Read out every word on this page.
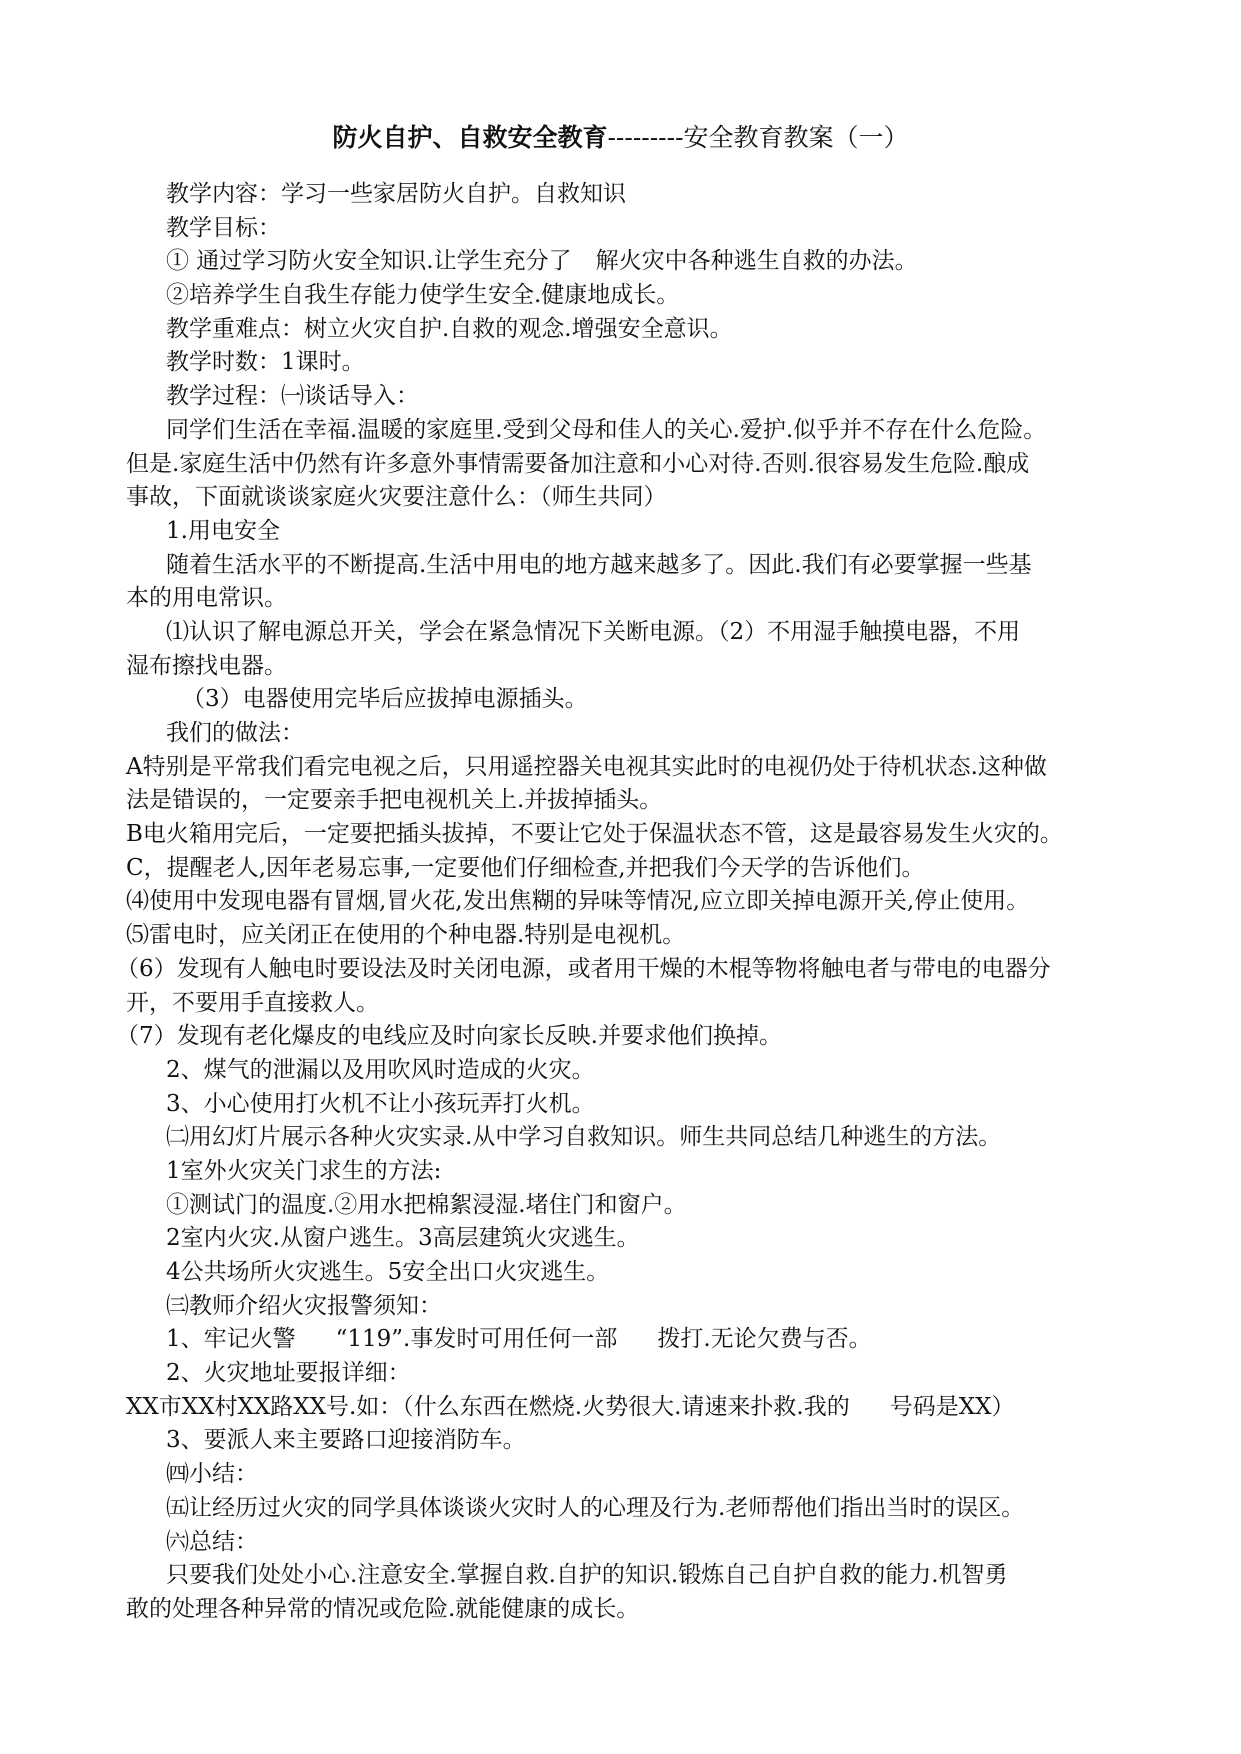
防火自护、自救安全教育---------安全教育教案（一）
教学内容：学习一些家居防火自护。自救知识
教学目标：
① 通过学习防火安全知识.让学生充分了 解火灾中各种逃生自救的办法。
②培养学生自我生存能力使学生安全.健康地成长。
教学重难点：树立火灾自护.自救的观念.增强安全意识。
教学时数：1课时。
教学过程：㈠谈话导入：
同学们生活在幸福.温暖的家庭里.受到父母和佳人的关心.爱护.似乎并不存在什么危险。
但是.家庭生活中仍然有许多意外事情需要备加注意和小心对待.否则.很容易发生危险.酿成
事故，下面就谈谈家庭火灾要注意什么：（师生共同）
1.用电安全
随着生活水平的不断提高.生活中用电的地方越来越多了。因此.我们有必要掌握一些基
本的用电常识。
⑴认识了解电源总开关，学会在紧急情况下关断电源。（2）不用湿手触摸电器，不用
湿布擦找电器。
（3）电器使用完毕后应拔掉电源插头。
我们的做法：
A特别是平常我们看完电视之后，只用遥控器关电视其实此时的电视仍处于待机状态.这种做
法是错误的，一定要亲手把电视机关上.并拔掉插头。
B电火箱用完后，一定要把插头拔掉，不要让它处于保温状态不管，这是最容易发生火灾的。
C，提醒老人,因年老易忘事,一定要他们仔细检查,并把我们今天学的告诉他们。
⑷使用中发现电器有冒烟,冒火花,发出焦糊的异味等情况,应立即关掉电源开关,停止使用。
⑸雷电时，应关闭正在使用的个种电器.特别是电视机。
（6）发现有人触电时要设法及时关闭电源，或者用干燥的木棍等物将触电者与带电的电器分
开，不要用手直接救人。
（7）发现有老化爆皮的电线应及时向家长反映.并要求他们换掉。
2、煤气的泄漏以及用吹风时造成的火灾。
3、小心使用打火机不让小孩玩弄打火机。
㈡用幻灯片展示各种火灾实录.从中学习自救知识。师生共同总结几种逃生的方法。
1室外火灾关门求生的方法:
①测试门的温度.②用水把棉絮浸湿.堵住门和窗户。
2室内火灾.从窗户逃生。3高层建筑火灾逃生。
4公共场所火灾逃生。5安全出口火灾逃生。
㈢教师介绍火灾报警须知：
1、牢记火警 “119”.事发时可用任何一部 拨打.无论欠费与否。
2、火灾地址要报详细：
XX市XX村XX路XX号.如：（什么东西在燃烧.火势很大.请速来扑救.我的 号码是XX）
3、要派人来主要路口迎接消防车。
㈣小结：
㈤让经历过火灾的同学具体谈谈火灾时人的心理及行为.老师帮他们指出当时的误区。
㈥总结：
只要我们处处小心.注意安全.掌握自救.自护的知识.锻炼自己自护自救的能力.机智勇
敢的处理各种异常的情况或危险.就能健康的成长。
